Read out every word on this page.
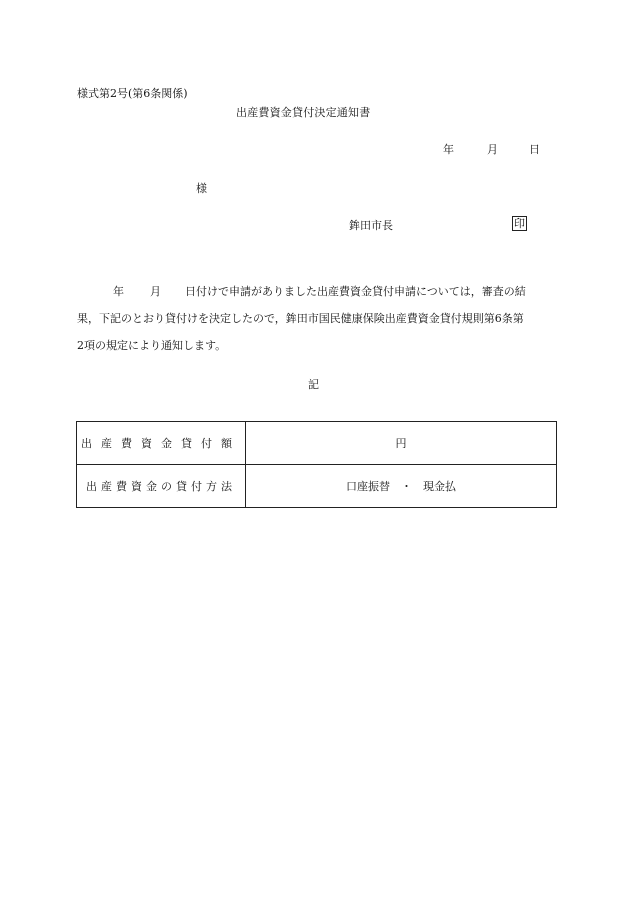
様式第2号(第6条関係)
出産費資金貸付決定通知書
年	月	日
様
鉾田市長	印
年 月 日付けで申請がありました出産費資金貸付申請については，審査の結
果，下記のとおり貸付けを決定したので，鉾田市国民健康保険出産費資金貸付規則第6条第
2項の規定により通知します。
記
出産費資金貸付額	円
出産費資金の貸付方法	口座振替　・　現金払
